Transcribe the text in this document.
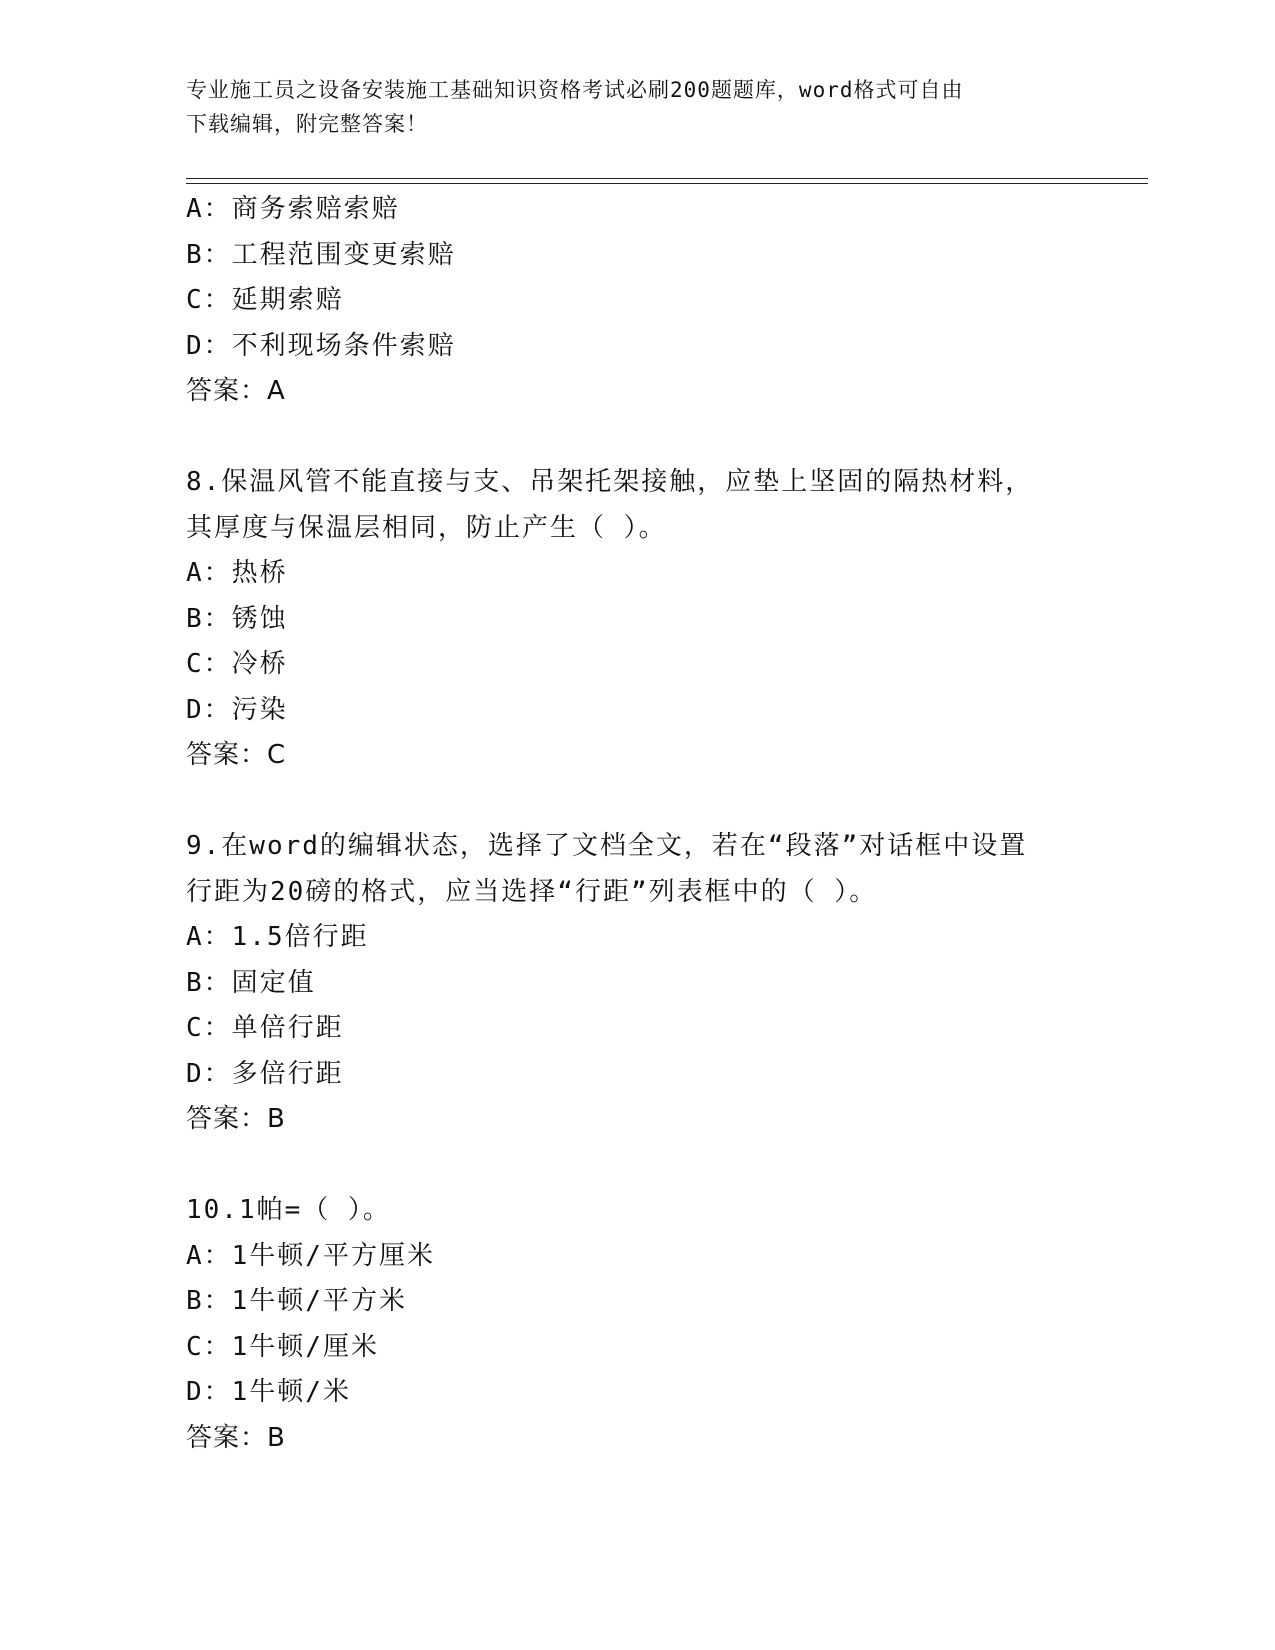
专业施工员之设备安装施工基础知识资格考试必刷200题题库，word格式可自由
下载编辑，附完整答案！
A：商务索赔索赔
B：工程范围变更索赔
C：延期索赔
D：不利现场条件索赔
答案：A
8.保温风管不能直接与支、吊架托架接触，应垫上坚固的隔热材料，
其厚度与保温层相同，防止产生（ ）。
A：热桥
B：锈蚀
C：冷桥
D：污染
答案：C
9.在word的编辑状态，选择了文档全文，若在“段落”对话框中设置
行距为20磅的格式，应当选择“行距”列表框中的（ ）。
A：1.5倍行距
B：固定值
C：单倍行距
D：多倍行距
答案：B
10.1帕=（ ）。
A：1牛顿/平方厘米
B：1牛顿/平方米
C：1牛顿/厘米
D：1牛顿/米
答案：B
